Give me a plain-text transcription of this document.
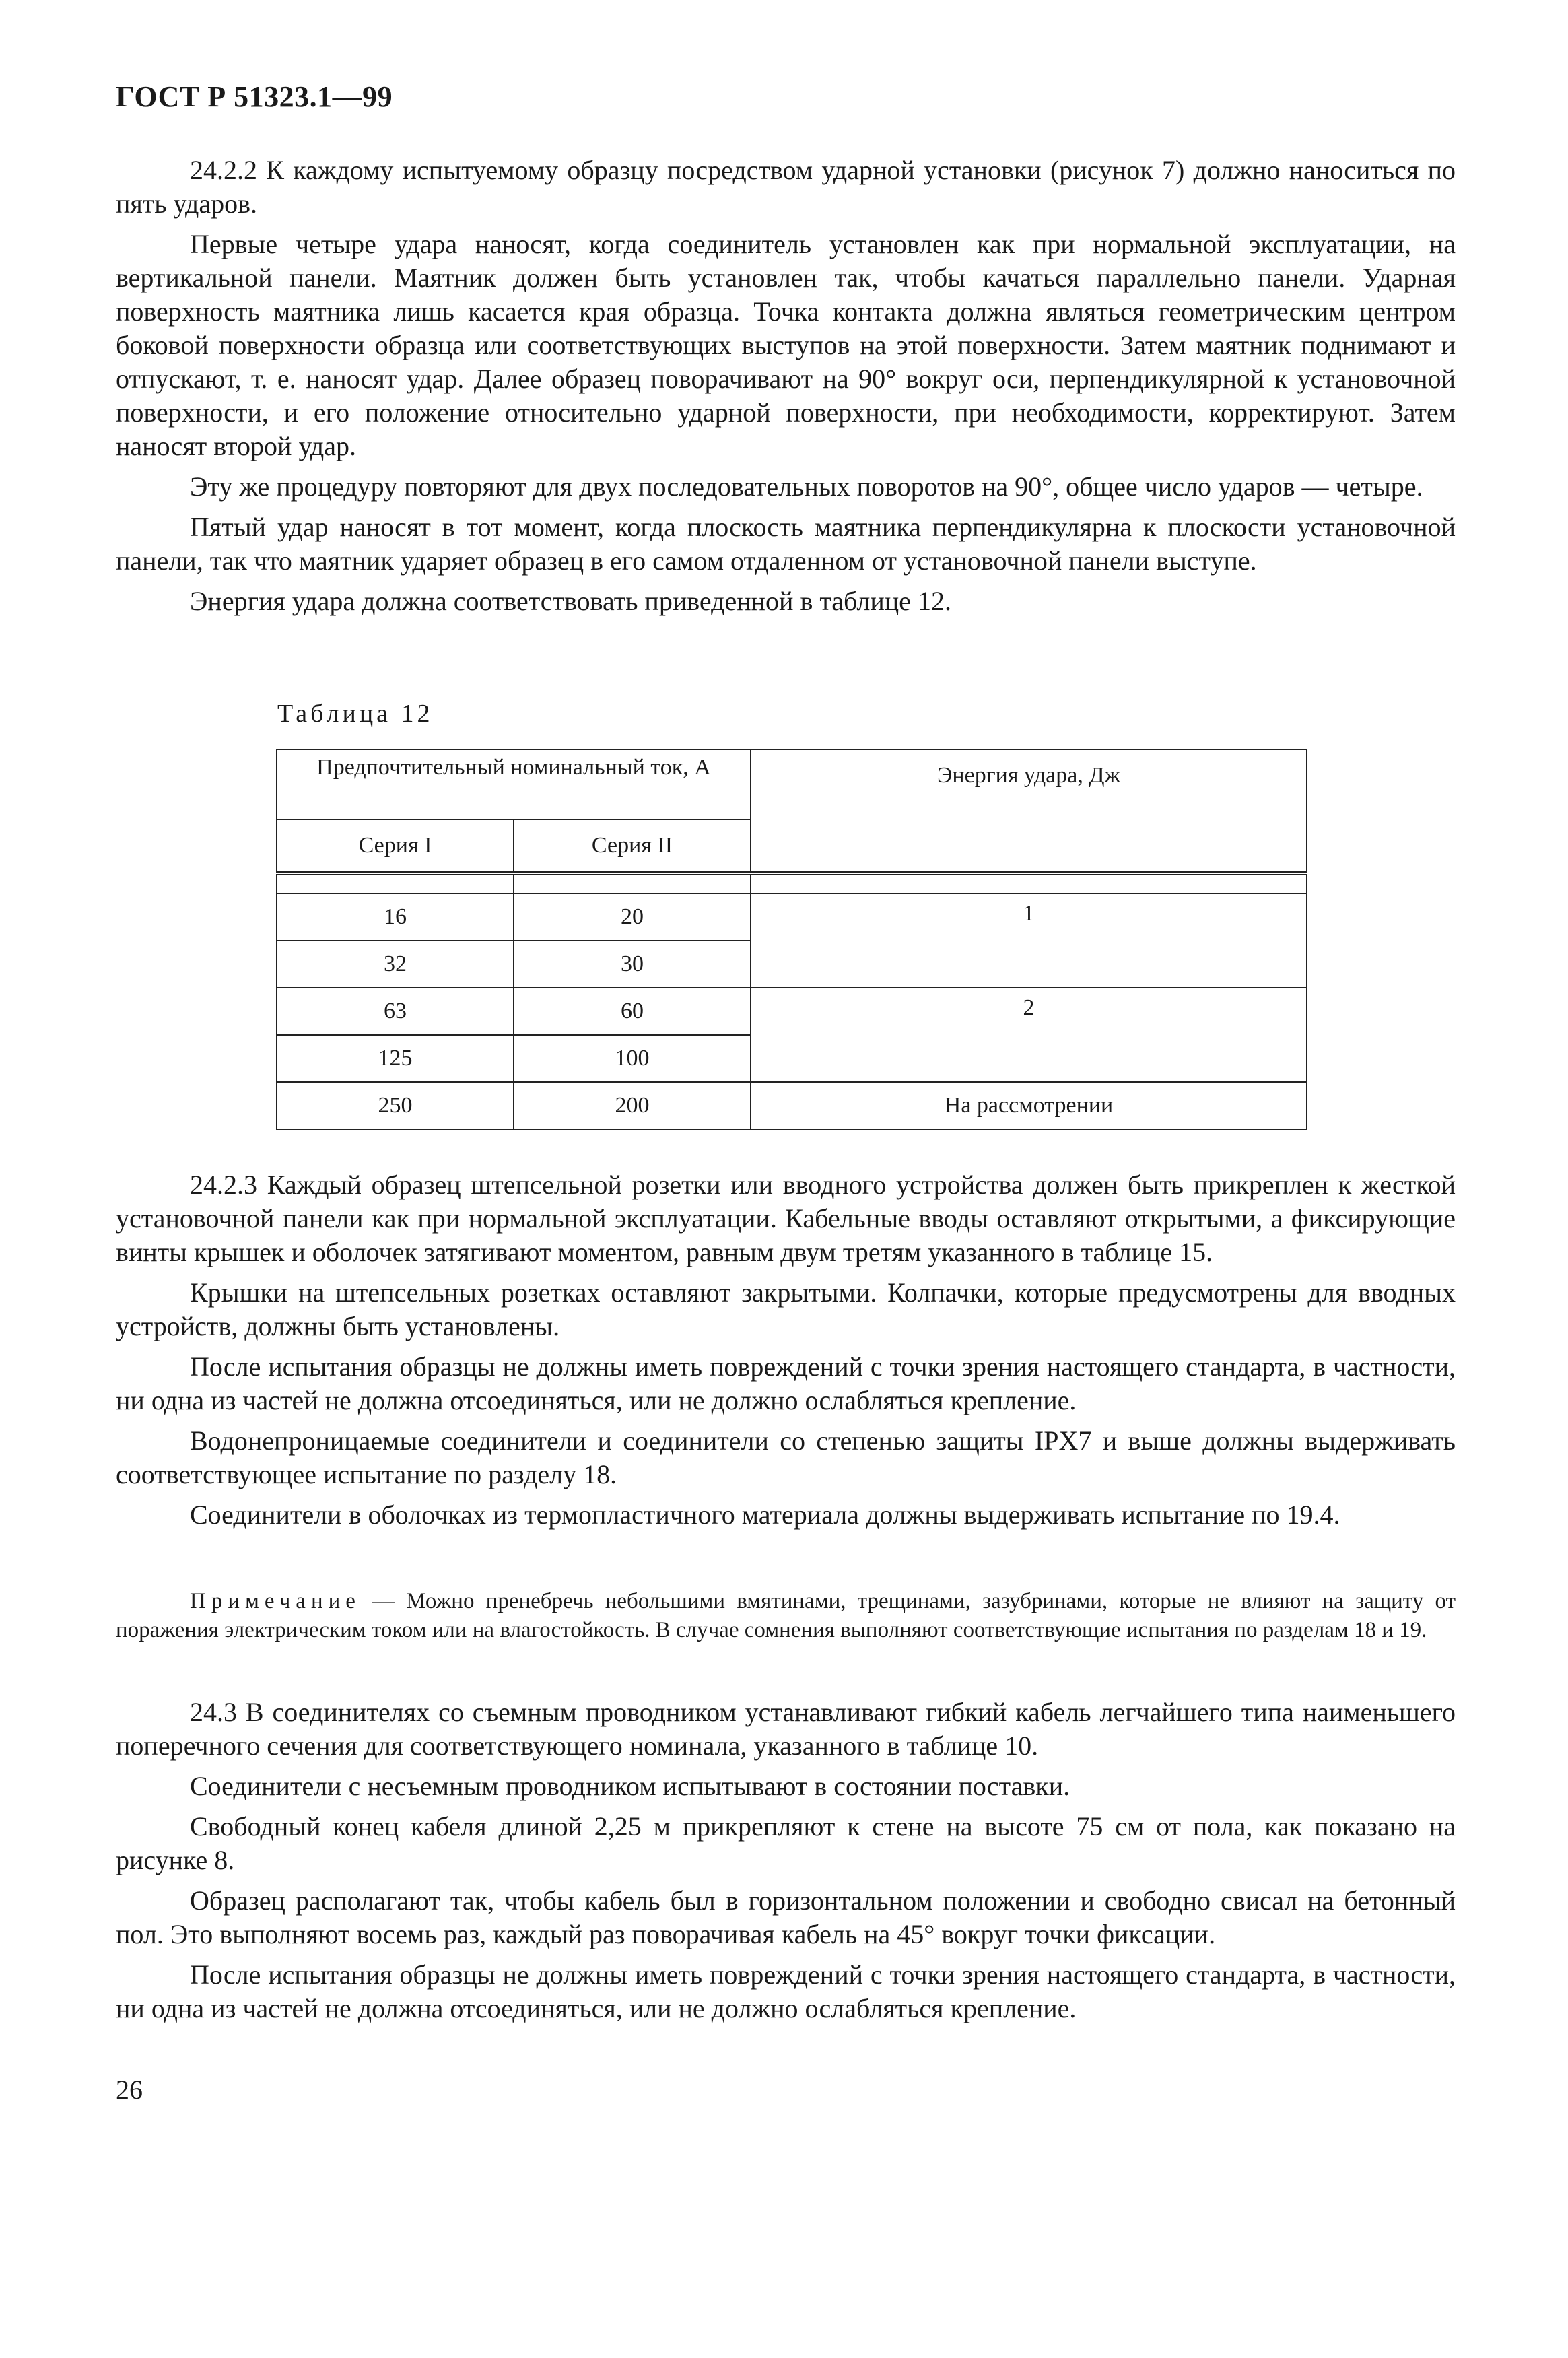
ГОСТ Р 51323.1—99

24.2.2 К каждому испытуемому образцу посредством ударной установки (рисунок 7) должно наноситься по пять ударов.

Первые четыре удара наносят, когда соединитель установлен как при нормальной эксплуатации, на вертикальной панели. Маятник должен быть установлен так, чтобы качаться параллельно панели. Ударная поверхность маятника лишь касается края образца. Точка контакта должна являться геометрическим центром боковой поверхности образца или соответствующих выступов на этой поверхности. Затем маятник поднимают и отпускают, т. е. наносят удар. Далее образец поворачивают на 90° вокруг оси, перпендикулярной к установочной поверхности, и его положение относительно ударной поверхности, при необходимости, корректируют. Затем наносят второй удар.

Эту же процедуру повторяют для двух последовательных поворотов на 90°, общее число ударов — четыре.

Пятый удар наносят в тот момент, когда плоскость маятника перпендикулярна к плоскости установочной панели, так что маятник ударяет образец в его самом отдаленном от установочной панели выступе.

Энергия удара должна соответствовать приведенной в таблице 12.

Таблица 12
Предпочтительный номинальный ток, А		Энергия удара, Дж
Серия I	Серия II	

16	20	1
32	30	
63	60	2
125	100	
250	200	На рассмотрении

24.2.3 Каждый образец штепсельной розетки или вводного устройства должен быть прикреплен к жесткой установочной панели как при нормальной эксплуатации. Кабельные вводы оставляют открытыми, а фиксирующие винты крышек и оболочек затягивают моментом, равным двум третям указанного в таблице 15.

Крышки на штепсельных розетках оставляют закрытыми. Колпачки, которые предусмотрены для вводных устройств, должны быть установлены.

После испытания образцы не должны иметь повреждений с точки зрения настоящего стандарта, в частности, ни одна из частей не должна отсоединяться, или не должно ослабляться крепление.

Водонепроницаемые соединители и соединители со степенью защиты IPX7 и выше должны выдерживать соответствующее испытание по разделу 18.

Соединители в оболочках из термопластичного материала должны выдерживать испытание по 19.4.

Примечание — Можно пренебречь небольшими вмятинами, трещинами, зазубринами, которые не влияют на защиту от поражения электрическим током или на влагостойкость. В случае сомнения выполняют соответствующие испытания по разделам 18 и 19.

24.3 В соединителях со съемным проводником устанавливают гибкий кабель легчайшего типа наименьшего поперечного сечения для соответствующего номинала, указанного в таблице 10.

Соединители с несъемным проводником испытывают в состоянии поставки.

Свободный конец кабеля длиной 2,25 м прикрепляют к стене на высоте 75 см от пола, как показано на рисунке 8.

Образец располагают так, чтобы кабель был в горизонтальном положении и свободно свисал на бетонный пол. Это выполняют восемь раз, каждый раз поворачивая кабель на 45° вокруг точки фиксации.

После испытания образцы не должны иметь повреждений с точки зрения настоящего стандарта, в частности, ни одна из частей не должна отсоединяться, или не должно ослабляться крепление.

26
